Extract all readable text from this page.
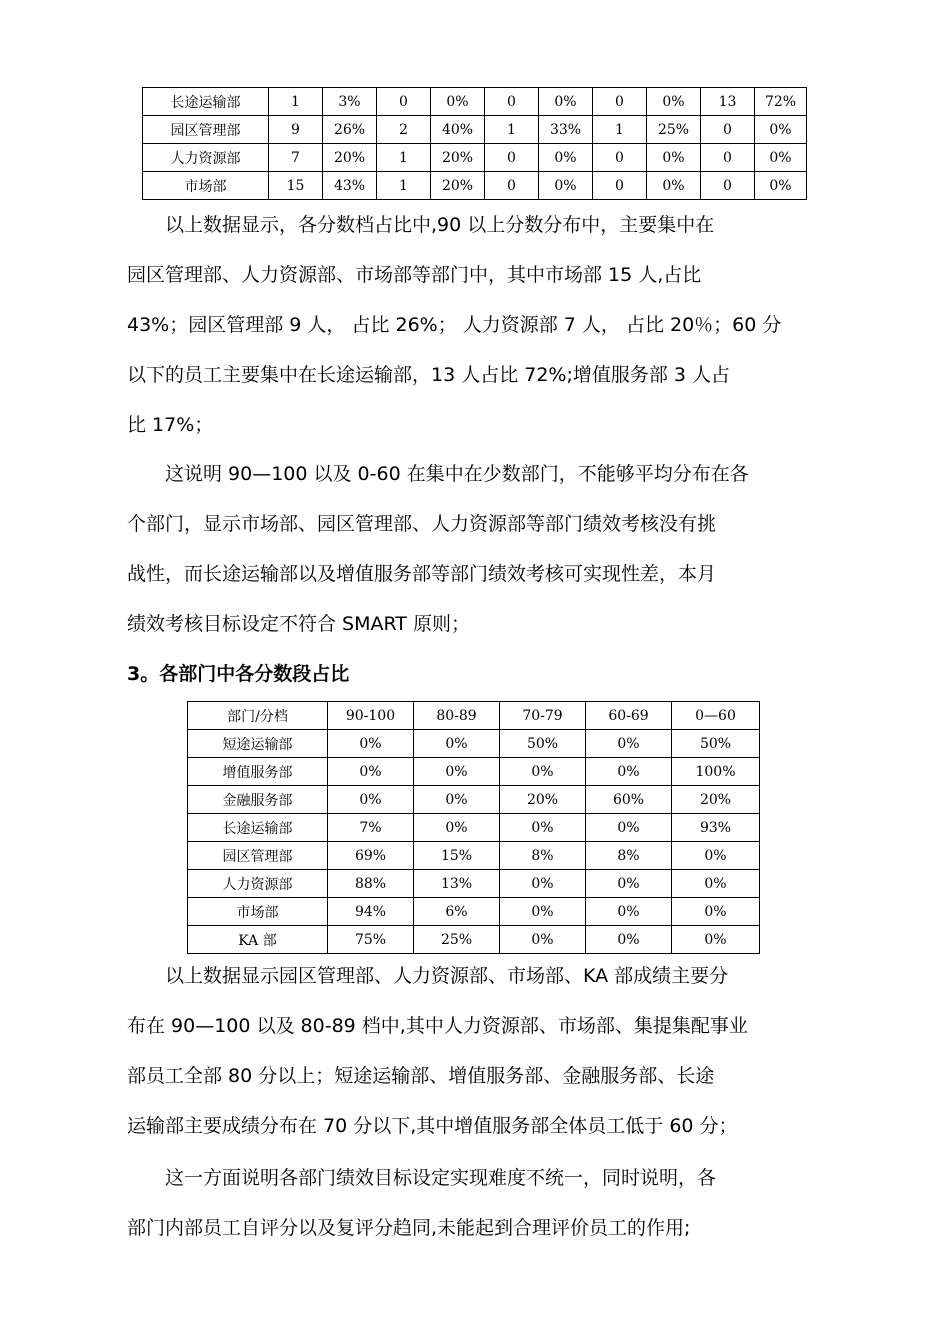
长途运输部	1	3%	0	0%	0	0%	0	0%	13	72%
园区管理部	9	26%	2	40%	1	33%	1	25%	0	0%
人力资源部	7	20%	1	20%	0	0%	0	0%	0	0%
市场部	15	43%	1	20%	0	0%	0	0%	0	0%
以上数据显示，各分数档占比中,90 以上分数分布中，主要集中在
园区管理部、人力资源部、市场部等部门中，其中市场部 15 人,占比
43%；园区管理部 9 人， 占比 26%； 人力资源部 7 人， 占比 20％；60 分
以下的员工主要集中在长途运输部，13 人占比 72%;增值服务部 3 人占
比 17%；
这说明 90—100 以及 0-60 在集中在少数部门，不能够平均分布在各
个部门，显示市场部、园区管理部、人力资源部等部门绩效考核没有挑
战性，而长途运输部以及增值服务部等部门绩效考核可实现性差，本月
绩效考核目标设定不符合 SMART 原则；
3。各部门中各分数段占比
部门/分档	90-100	80-89	70-79	60-69	0—60
短途运输部	0%	0%	50%	0%	50%
增值服务部	0%	0%	0%	0%	100%
金融服务部	0%	0%	20%	60%	20%
长途运输部	7%	0%	0%	0%	93%
园区管理部	69%	15%	8%	8%	0%
人力资源部	88%	13%	0%	0%	0%
市场部	94%	6%	0%	0%	0%
KA 部	75%	25%	0%	0%	0%
以上数据显示园区管理部、人力资源部、市场部、KA 部成绩主要分
布在 90—100 以及 80-89 档中,其中人力资源部、市场部、集提集配事业
部员工全部 80 分以上；短途运输部、增值服务部、金融服务部、长途
运输部主要成绩分布在 70 分以下,其中增值服务部全体员工低于 60 分；
这一方面说明各部门绩效目标设定实现难度不统一，同时说明，各
部门内部员工自评分以及复评分趋同,未能起到合理评价员工的作用;
